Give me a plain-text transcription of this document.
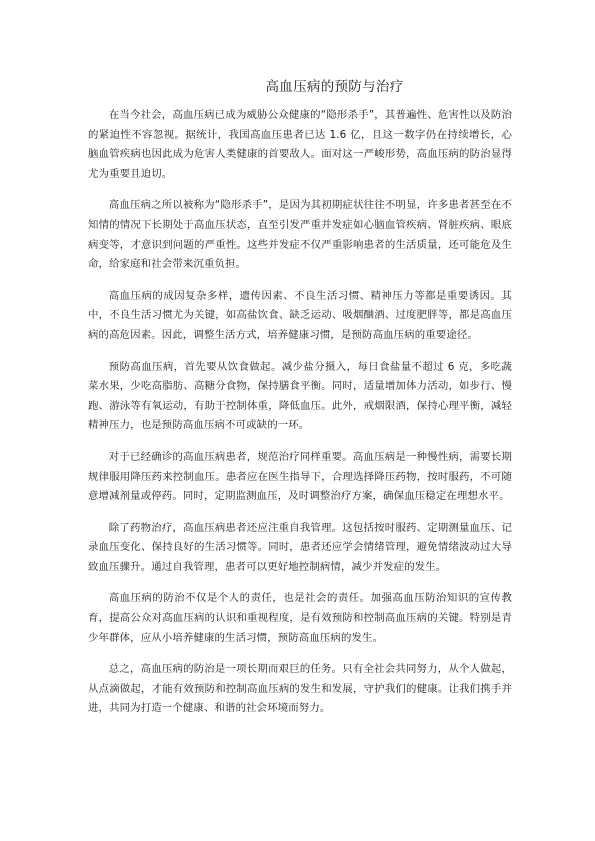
高血压病的预防与治疗

在当今社会，高血压病已成为威胁公众健康的“隐形杀手”，其普遍性、危害性以及防治的紧迫性不容忽视。据统计，我国高血压患者已达 1.6 亿，且这一数字仍在持续增长，心脑血管疾病也因此成为危害人类健康的首要敌人。面对这一严峻形势，高血压病的防治显得尤为重要且迫切。

高血压病之所以被称为“隐形杀手”，是因为其初期症状往往不明显，许多患者甚至在不知情的情况下长期处于高血压状态，直至引发严重并发症如心脑血管疾病、肾脏疾病、眼底病变等，才意识到问题的严重性。这些并发症不仅严重影响患者的生活质量，还可能危及生命，给家庭和社会带来沉重负担。

高血压病的成因复杂多样，遗传因素、不良生活习惯、精神压力等都是重要诱因。其中，不良生活习惯尤为关键，如高盐饮食、缺乏运动、吸烟酗酒、过度肥胖等，都是高血压病的高危因素。因此，调整生活方式，培养健康习惯，是预防高血压病的重要途径。

预防高血压病，首先要从饮食做起。减少盐分摄入，每日食盐量不超过 6 克，多吃蔬菜水果，少吃高脂肪、高糖分食物，保持膳食平衡。同时，适量增加体力活动，如步行、慢跑、游泳等有氧运动，有助于控制体重，降低血压。此外，戒烟限酒，保持心理平衡，减轻精神压力，也是预防高血压病不可或缺的一环。

对于已经确诊的高血压病患者，规范治疗同样重要。高血压病是一种慢性病，需要长期规律服用降压药来控制血压。患者应在医生指导下，合理选择降压药物，按时服药，不可随意增减剂量或停药。同时，定期监测血压，及时调整治疗方案，确保血压稳定在理想水平。

除了药物治疗，高血压病患者还应注重自我管理。这包括按时服药、定期测量血压、记录血压变化、保持良好的生活习惯等。同时，患者还应学会情绪管理，避免情绪波动过大导致血压骤升。通过自我管理，患者可以更好地控制病情，减少并发症的发生。

高血压病的防治不仅是个人的责任，也是社会的责任。加强高血压防治知识的宣传教育，提高公众对高血压病的认识和重视程度，是有效预防和控制高血压病的关键。特别是青少年群体，应从小培养健康的生活习惯，预防高血压病的发生。

总之，高血压病的防治是一项长期而艰巨的任务。只有全社会共同努力，从个人做起，从点滴做起，才能有效预防和控制高血压病的发生和发展，守护我们的健康。让我们携手并进，共同为打造一个健康、和谐的社会环境而努力。
